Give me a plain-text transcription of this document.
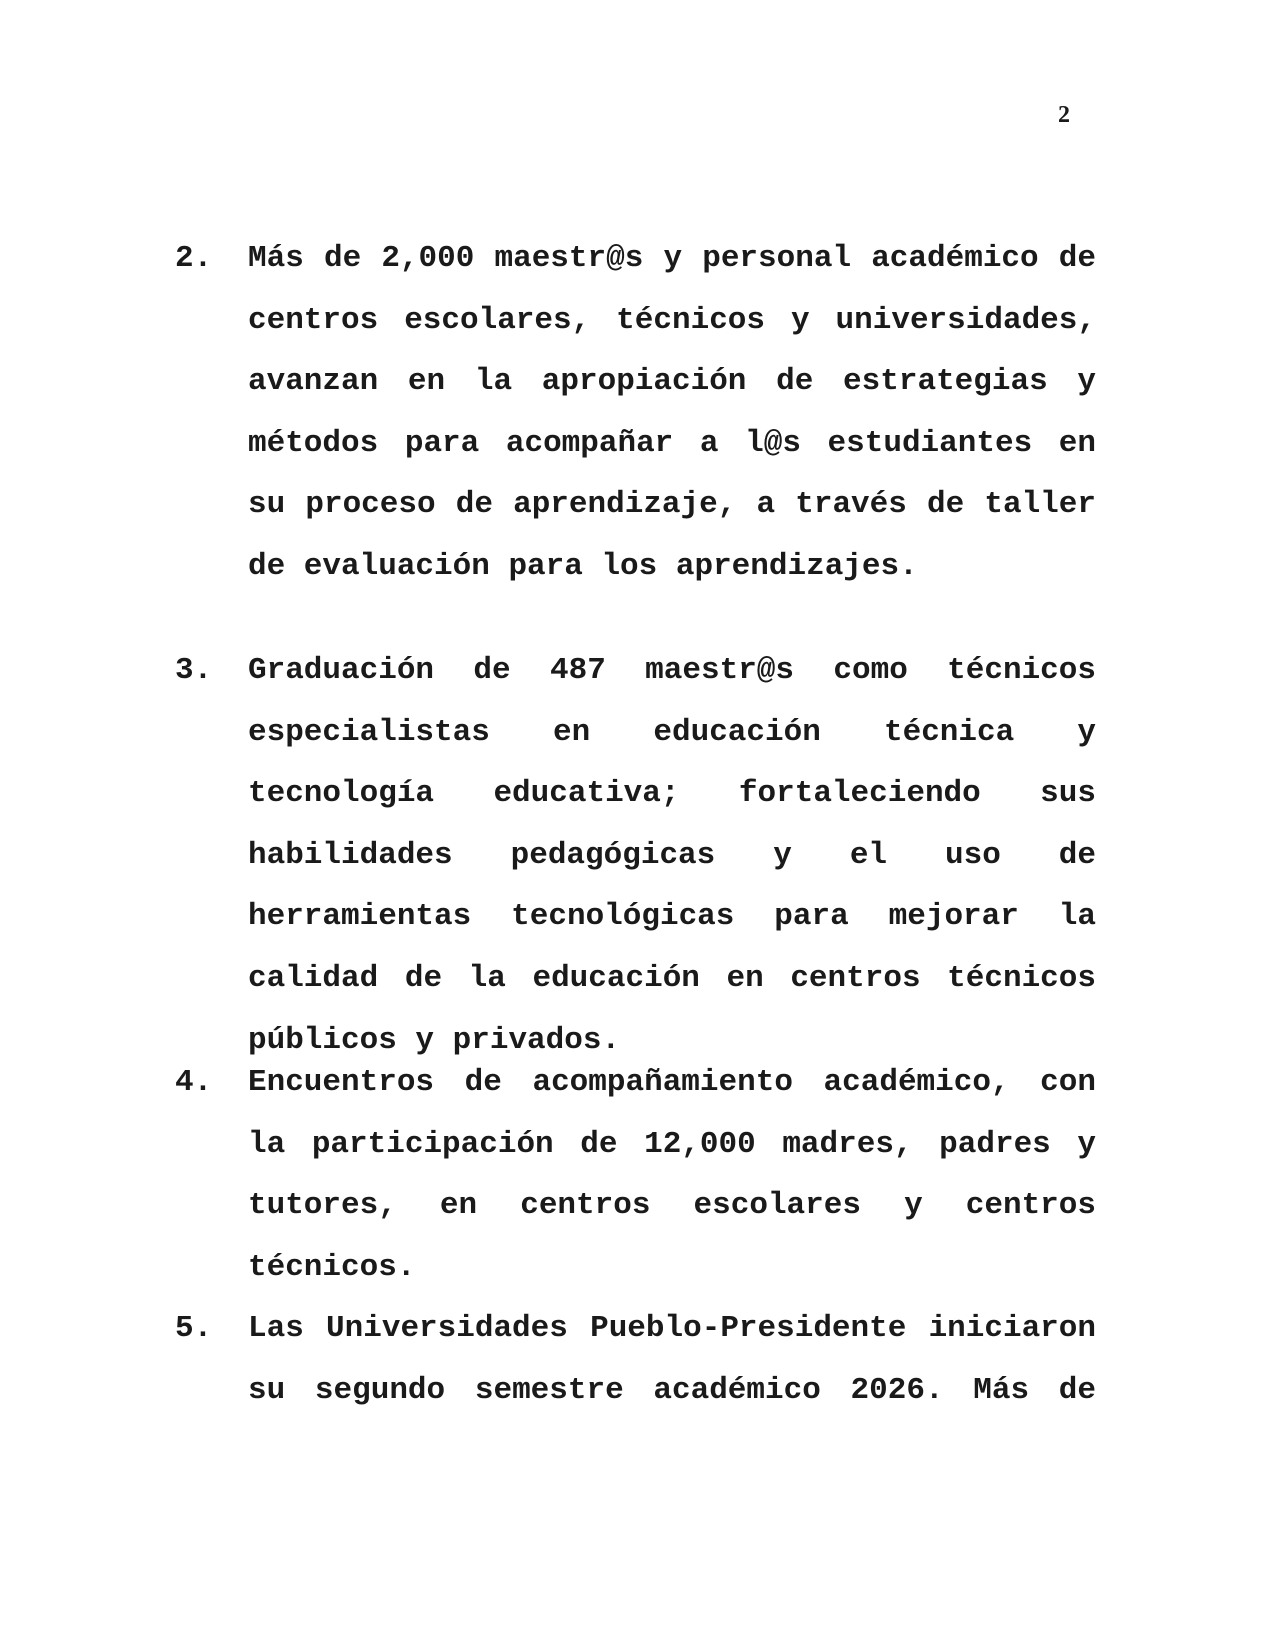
2
2.	Más de 2,000 maestr@s y personal académico de centros escolares, técnicos y universidades, avanzan en la apropiación de estrategias y métodos para acompañar a l@s estudiantes en su proceso de aprendizaje, a través de taller de evaluación para los aprendizajes.
3.	Graduación de 487 maestr@s como técnicos especialistas en educación técnica y tecnología educativa; fortaleciendo sus habilidades pedagógicas y el uso de herramientas tecnológicas para mejorar la calidad de la educación en centros técnicos públicos y privados.
4.	Encuentros de acompañamiento académico, con la participación de 12,000 madres, padres y tutores, en centros escolares y centros técnicos.
5.	Las Universidades Pueblo-Presidente iniciaron su segundo semestre académico 2026. Más de
